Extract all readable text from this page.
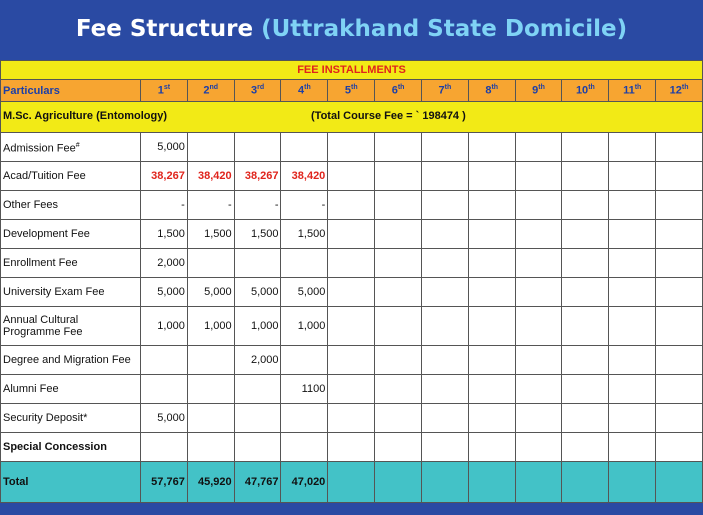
Fee Structure
(Uttrakhand State Domicile)
FEE INSTALLMENTS												
Particulars	1st	2nd	3rd	4th	5th	6th	7th	8th	9th	10th	11th	12th

M.Sc. Agriculture (Entomology) (Total Course Fee = ` 198474 )												

Admission Fee#	5,000											
Acad/Tuition Fee	38,267	38,420	38,267	38,420								
Other Fees	-	-	-	-								
Development Fee	1,500	1,500	1,500	1,500								
Enrollment Fee	2,000											
University Exam Fee	5,000	5,000	5,000	5,000								
Annual Cultural Programme Fee	1,000	1,000	1,000	1,000								
Degree and Migration Fee			2,000									
Alumni Fee				1100								
Security Deposit*	5,000											
Special Concession												
Total	57,767	45,920	47,767	47,020								
